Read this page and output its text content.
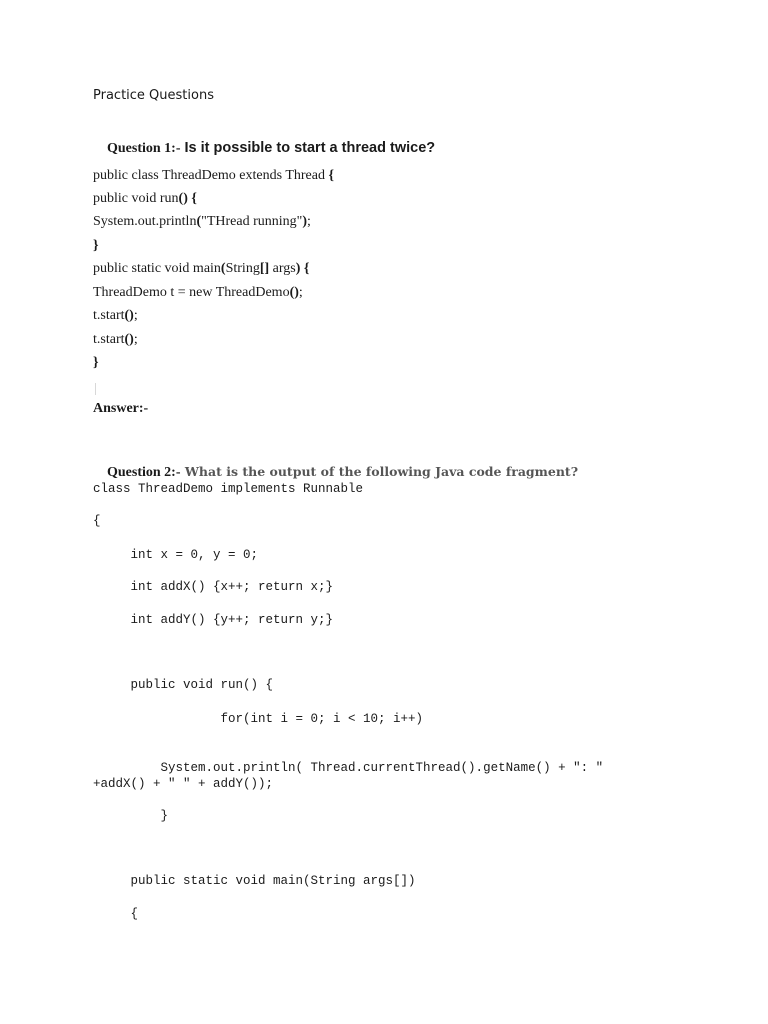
Practice Questions

Question 1:- Is it possible to start a thread twice?

public class ThreadDemo extends Thread {
public void run() {
System.out.println("THread running");
}
public static void main(String[] args) {
ThreadDemo t = new ThreadDemo();
t.start();
t.start();
}
Answer:-

Question 2:- What is the output of the following Java code fragment?

class ThreadDemo implements Runnable
{
int x = 0, y = 0;
int addX() {x++; return x;}
int addY() {y++; return y;}
public void run() {
for(int i = 0; i < 10; i++)
System.out.println( Thread.currentThread().getName() + ": "
+addX() + " " + addY());
}
public static void main(String args[])
{
